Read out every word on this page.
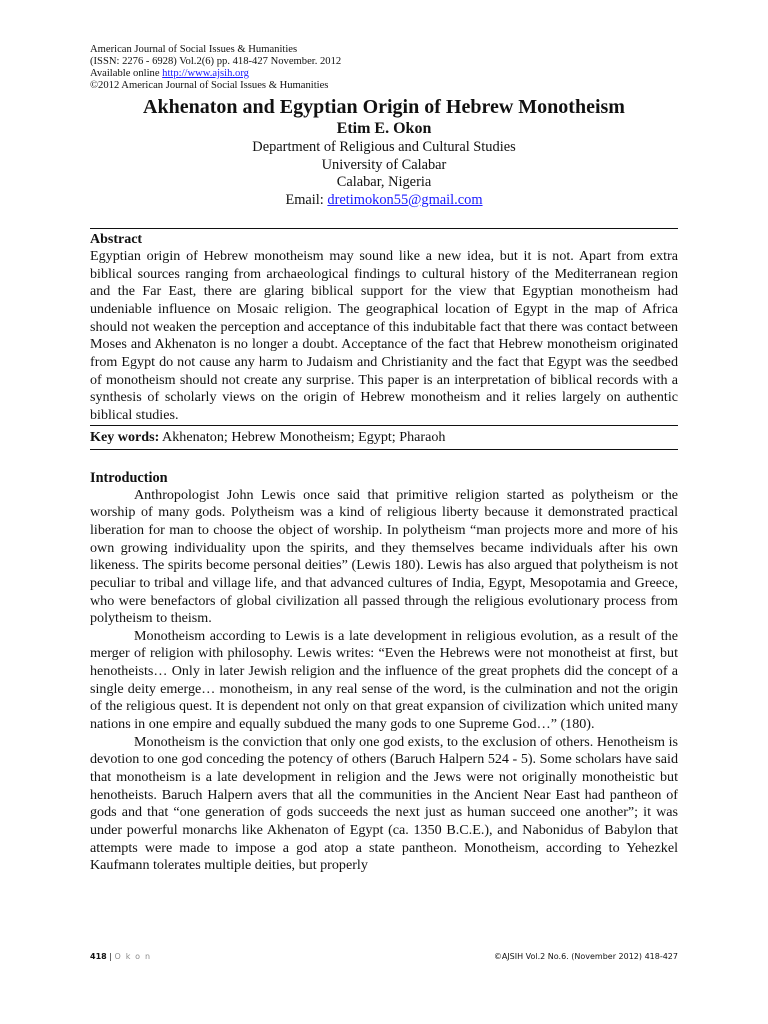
American Journal of Social Issues & Humanities
(ISSN: 2276 - 6928) Vol.2(6) pp. 418-427 November. 2012
Available online http://www.ajsih.org
©2012 American Journal of Social Issues & Humanities
Akhenaton and Egyptian Origin of Hebrew Monotheism
Etim E. Okon
Department of Religious and Cultural Studies
University of Calabar
Calabar, Nigeria
Email: dretimokon55@gmail.com
Abstract

Egyptian origin of Hebrew monotheism may sound like a new idea, but it is not. Apart from extra biblical sources ranging from archaeological findings to cultural history of the Mediterranean region and the Far East, there are glaring biblical support for the view that Egyptian monotheism had undeniable influence on Mosaic religion. The geographical location of Egypt in the map of Africa should not weaken the perception and acceptance of this indubitable fact that there was contact between Moses and Akhenaton is no longer a doubt. Acceptance of the fact that Hebrew monotheism originated from Egypt do not cause any harm to Judaism and Christianity and the fact that Egypt was the seedbed of monotheism should not create any surprise. This paper is an interpretation of biblical records with a synthesis of scholarly views on the origin of Hebrew monotheism and it relies largely on authentic biblical studies.

Key words: Akhenaton; Hebrew Monotheism; Egypt; Pharaoh
Introduction

Anthropologist John Lewis once said that primitive religion started as polytheism or the worship of many gods. Polytheism was a kind of religious liberty because it demonstrated practical liberation for man to choose the object of worship. In polytheism “man projects more and more of his own growing individuality upon the spirits, and they themselves became individuals after his own likeness. The spirits become personal deities” (Lewis 180). Lewis has also argued that polytheism is not peculiar to tribal and village life, and that advanced cultures of India, Egypt, Mesopotamia and Greece, who were benefactors of global civilization all passed through the religious evolutionary process from polytheism to theism.

Monotheism according to Lewis is a late development in religious evolution, as a result of the merger of religion with philosophy. Lewis writes: “Even the Hebrews were not monotheist at first, but henotheists… Only in later Jewish religion and the influence of the great prophets did the concept of a single deity emerge… monotheism, in any real sense of the word, is the culmination and not the origin of the religious quest. It is dependent not only on that great expansion of civilization which united many nations in one empire and equally subdued the many gods to one Supreme God…” (180).

Monotheism is the conviction that only one god exists, to the exclusion of others. Henotheism is devotion to one god conceding the potency of others (Baruch Halpern 524 - 5). Some scholars have said that monotheism is a late development in religion and the Jews were not originally monotheistic but henotheists. Baruch Halpern avers that all the communities in the Ancient Near East had pantheon of gods and that “one generation of gods succeeds the next just as human succeed one another”; it was under powerful monarchs like Akhenaton of Egypt (ca. 1350 B.C.E.), and Nabonidus of Babylon that attempts were made to impose a god atop a state pantheon. Monotheism, according to Yehezkel Kaufmann tolerates multiple deities, but properly

418 | Okon	©AJSIH Vol.2 No.6. (November 2012) 418-427
